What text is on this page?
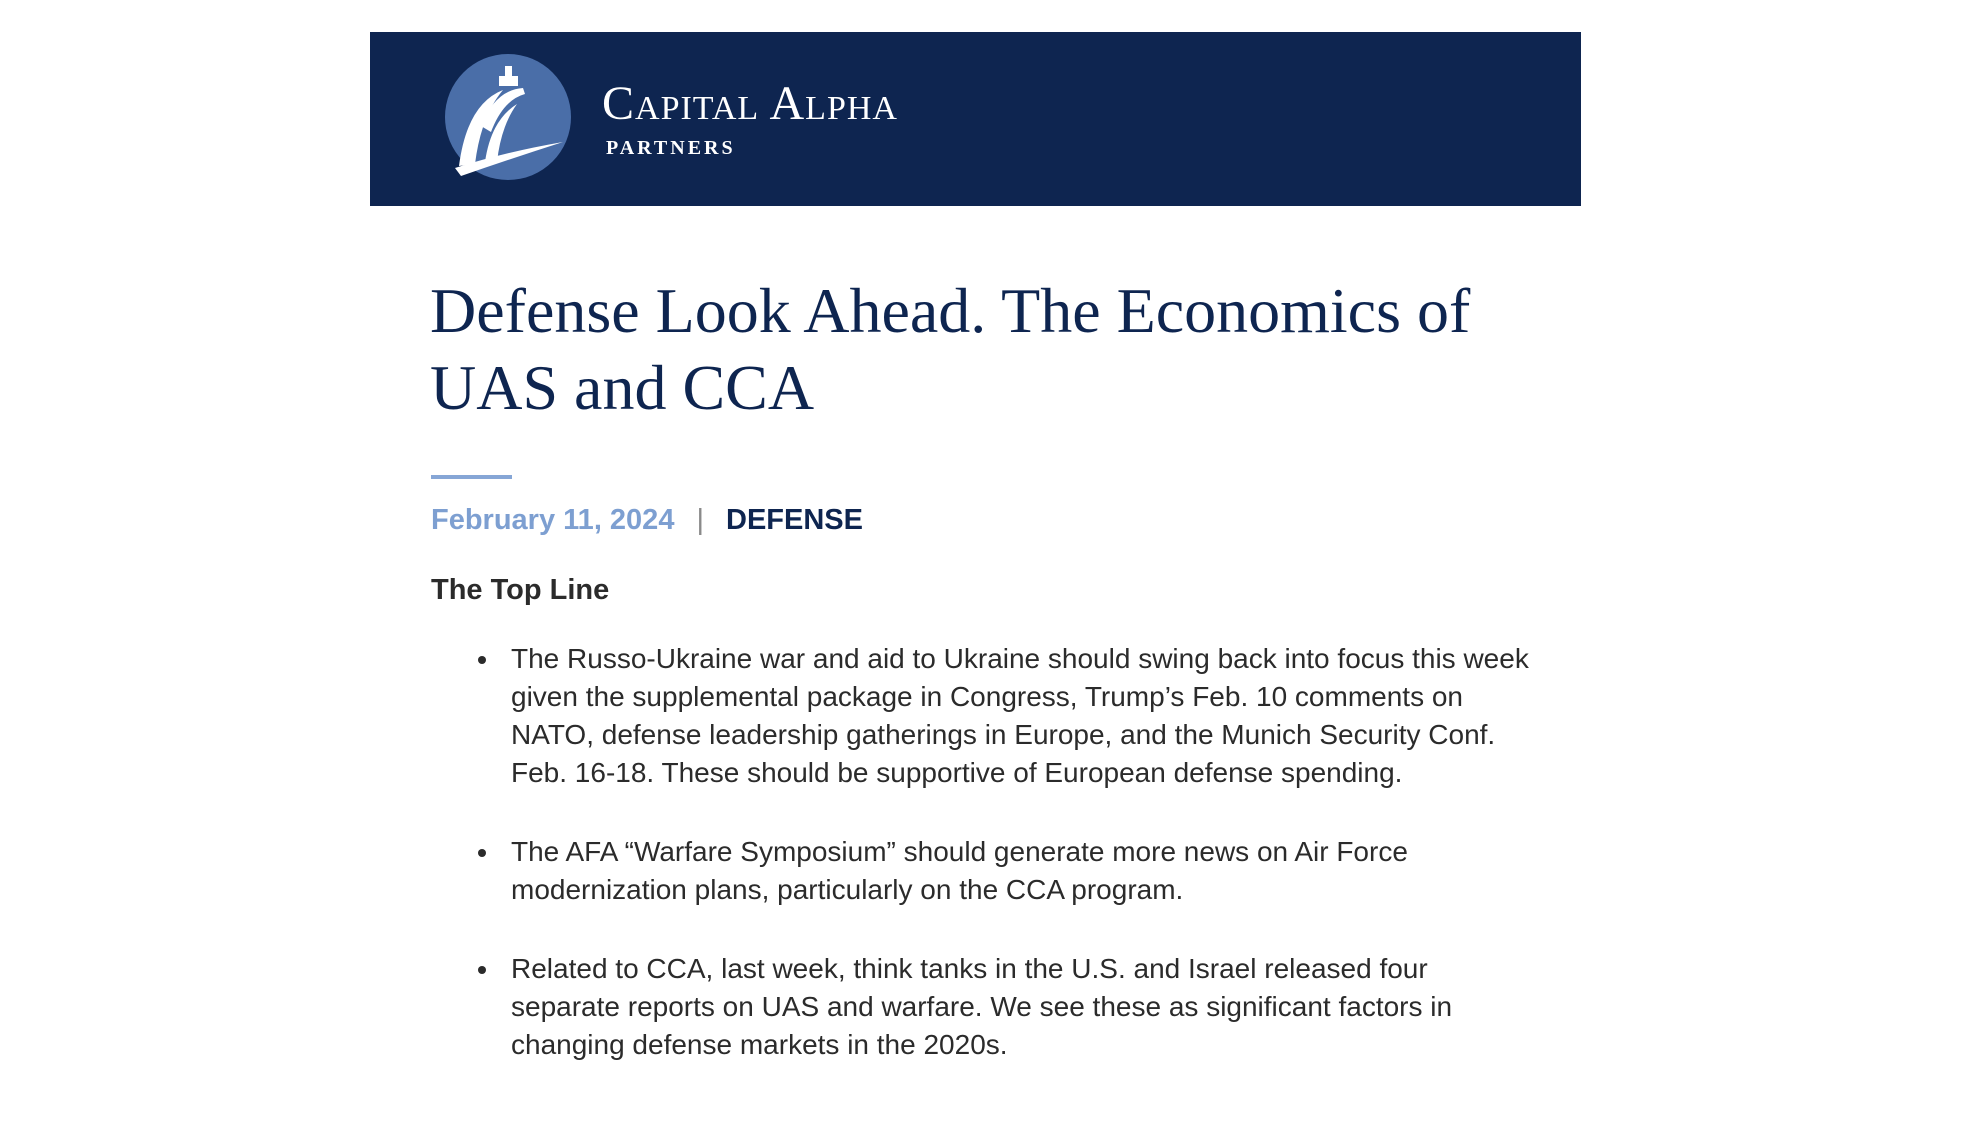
Capital Alpha
PARTNERS
Defense Look Ahead. The Economics of UAS and CCA
February 11, 2024 | DEFENSE
The Top Line
The Russo-Ukraine war and aid to Ukraine should swing back into focus this week given the supplemental package in Congress, Trump’s Feb. 10 comments on NATO, defense leadership gatherings in Europe, and the Munich Security Conf. Feb. 16-18. These should be supportive of European defense spending.
The AFA “Warfare Symposium” should generate more news on Air Force modernization plans, particularly on the CCA program.
Related to CCA, last week, think tanks in the U.S. and Israel released four separate reports on UAS and warfare. We see these as significant factors in changing defense markets in the 2020s.
